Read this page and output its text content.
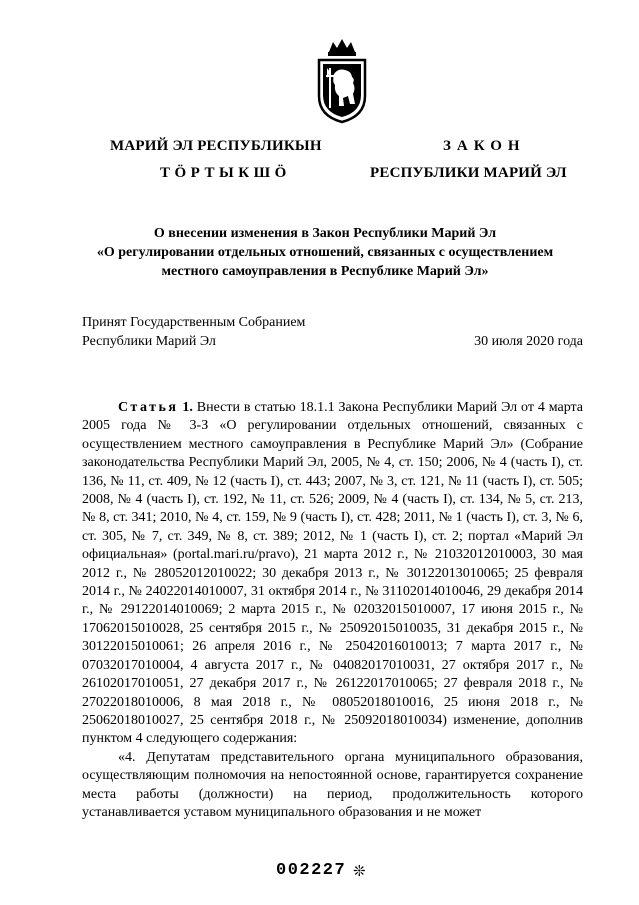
МАРИЙ ЭЛ РЕСПУБЛИКЫН
ТӦРТЫКШӦ
ЗАКОН
РЕСПУБЛИКИ МАРИЙ ЭЛ
О внесении изменения в Закон Республики Марий Эл
«О регулировании отдельных отношений, связанных с осуществлением
местного самоуправления в Республике Марий Эл»
Принят Государственным Собранием
Республики Марий Эл	30 июля 2020 года

Статья 1. Внести в статью 18.1.1 Закона Республики Марий Эл от 4 марта 2005 года № 3-З «О регулировании отдельных отношений, связанных с осуществлением местного самоуправления в Республике Марий Эл» (Собрание законодательства Республики Марий Эл, 2005, № 4, ст. 150; 2006, № 4 (часть I), ст. 136, № 11, ст. 409, № 12 (часть I), ст. 443; 2007, № 3, ст. 121, № 11 (часть I), ст. 505; 2008, № 4 (часть I), ст. 192, № 11, ст. 526; 2009, № 4 (часть I), ст. 134, № 5, ст. 213, № 8, ст. 341; 2010, № 4, ст. 159, № 9 (часть I), ст. 428; 2011, № 1 (часть I), ст. 3, № 6, ст. 305, № 7, ст. 349, № 8, ст. 389; 2012, № 1 (часть I), ст. 2; портал «Марий Эл официальная» (portal.mari.ru/pravo), 21 марта 2012 г., № 21032012010003, 30 мая 2012 г., № 28052012010022; 30 декабря 2013 г., № 30122013010065; 25 февраля 2014 г., № 24022014010007, 31 октября 2014 г., № 31102014010046, 29 декабря 2014 г., № 29122014010069; 2 марта 2015 г., № 02032015010007, 17 июня 2015 г., № 17062015010028, 25 сентября 2015 г., № 25092015010035, 31 декабря 2015 г., № 30122015010061; 26 апреля 2016 г., № 25042016010013; 7 марта 2017 г., № 07032017010004, 4 августа 2017 г., № 04082017010031, 27 октября 2017 г., № 26102017010051, 27 декабря 2017 г., № 26122017010065; 27 февраля 2018 г., № 27022018010006, 8 мая 2018 г., № 08052018010016, 25 июня 2018 г., № 25062018010027, 25 сентября 2018 г., № 25092018010034) изменение, дополнив пунктом 4 следующего содержания:

«4. Депутатам представительного органа муниципального образования, осуществляющим полномочия на непостоянной основе, гарантируется сохранение места работы (должности) на период, продолжительность которого устанавливается уставом муниципального образования и не может

002227 ❊
